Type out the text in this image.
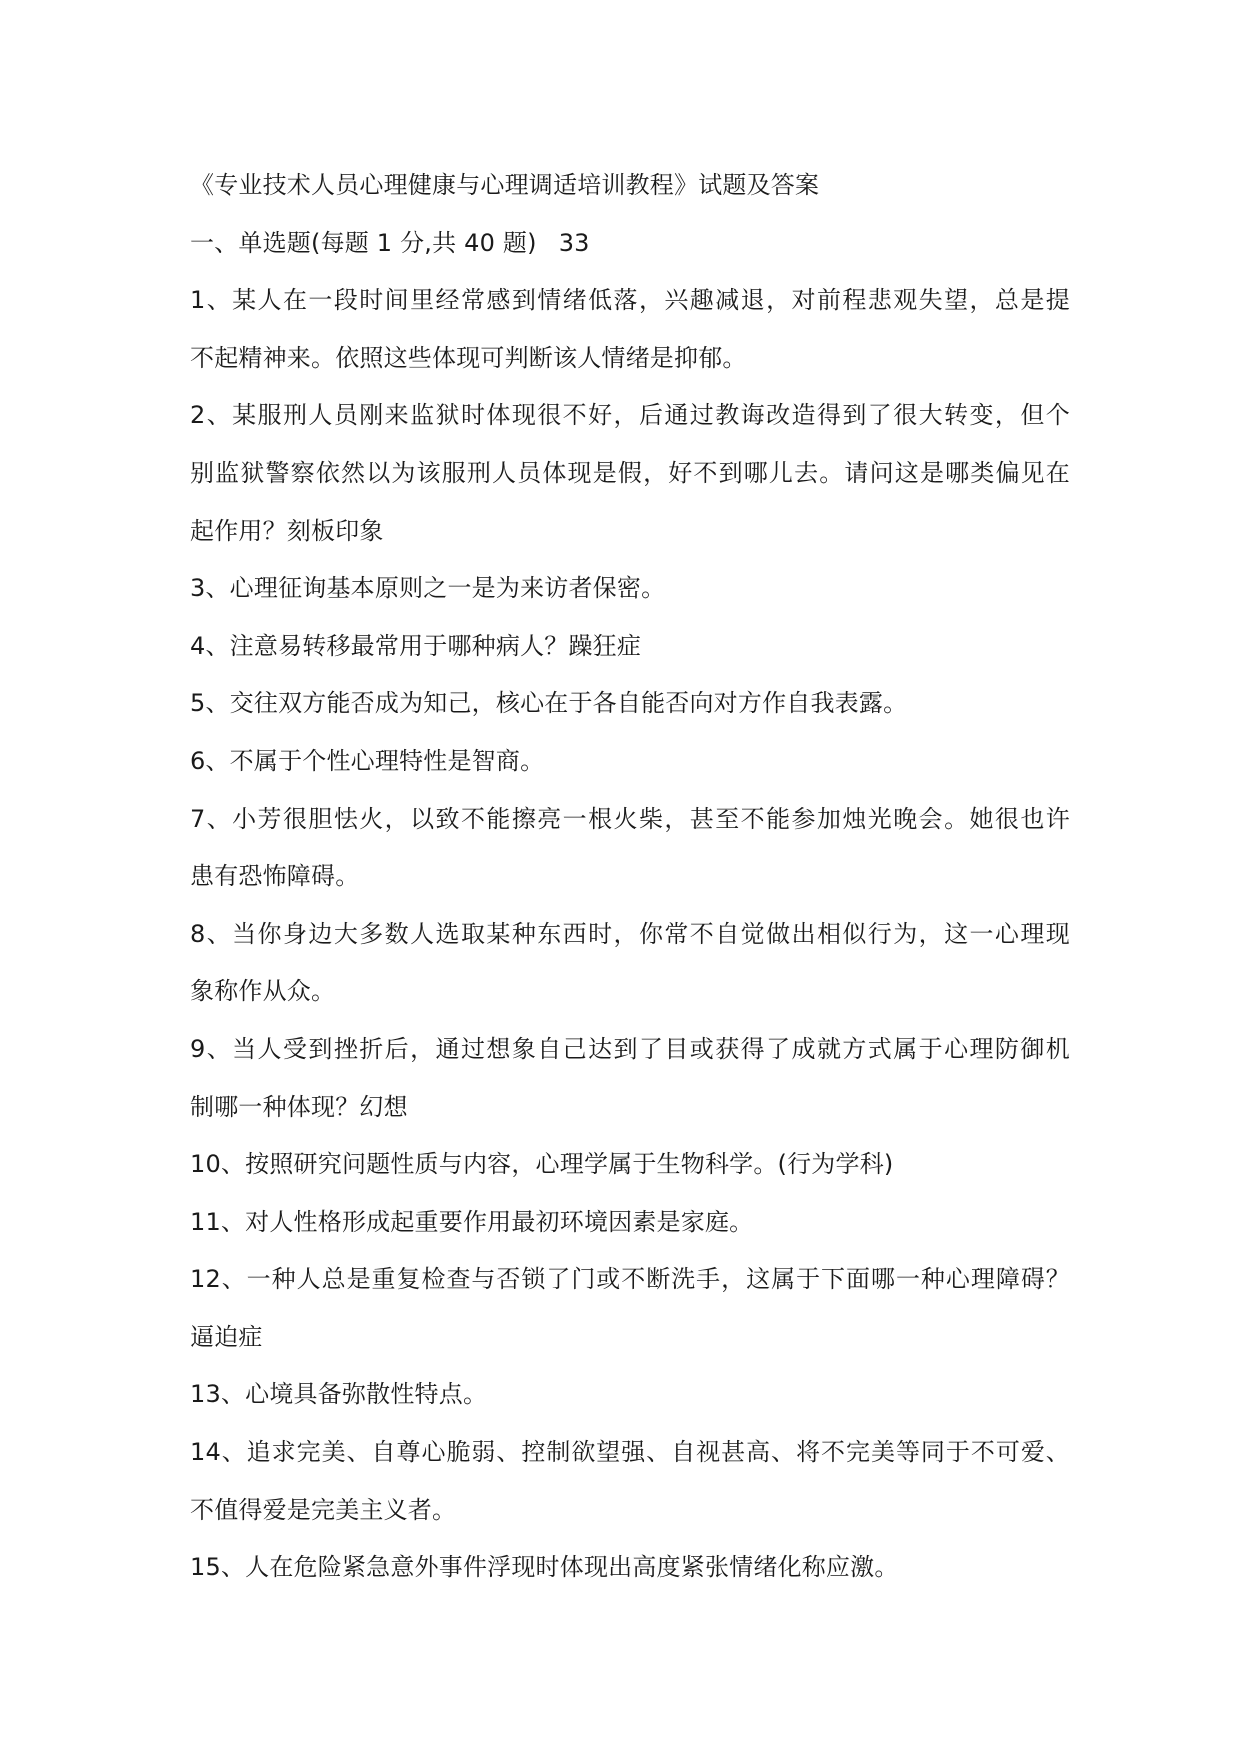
《专业技术人员心理健康与心理调适培训教程》试题及答案
一、单选题(每题 1 分,共 40 题) 33
1、某人在一段时间里经常感到情绪低落，兴趣减退，对前程悲观失望，总是提
不起精神来。依照这些体现可判断该人情绪是抑郁。
2、某服刑人员刚来监狱时体现很不好，后通过教诲改造得到了很大转变，但个
别监狱警察依然以为该服刑人员体现是假，好不到哪儿去。请问这是哪类偏见在
起作用？刻板印象
3、心理征询基本原则之一是为来访者保密。
4、注意易转移最常用于哪种病人？躁狂症
5、交往双方能否成为知己，核心在于各自能否向对方作自我表露。
6、不属于个性心理特性是智商。
7、小芳很胆怯火，以致不能擦亮一根火柴，甚至不能参加烛光晚会。她很也许
患有恐怖障碍。
8、当你身边大多数人选取某种东西时，你常不自觉做出相似行为，这一心理现
象称作从众。
9、当人受到挫折后，通过想象自己达到了目或获得了成就方式属于心理防御机
制哪一种体现？幻想
10、按照研究问题性质与内容，心理学属于生物科学。(行为学科)
11、对人性格形成起重要作用最初环境因素是家庭。
12、一种人总是重复检查与否锁了门或不断洗手，这属于下面哪一种心理障碍？
逼迫症
13、心境具备弥散性特点。
14、追求完美、自尊心脆弱、控制欲望强、自视甚高、将不完美等同于不可爱、
不值得爱是完美主义者。
15、人在危险紧急意外事件浮现时体现出高度紧张情绪化称应激。
